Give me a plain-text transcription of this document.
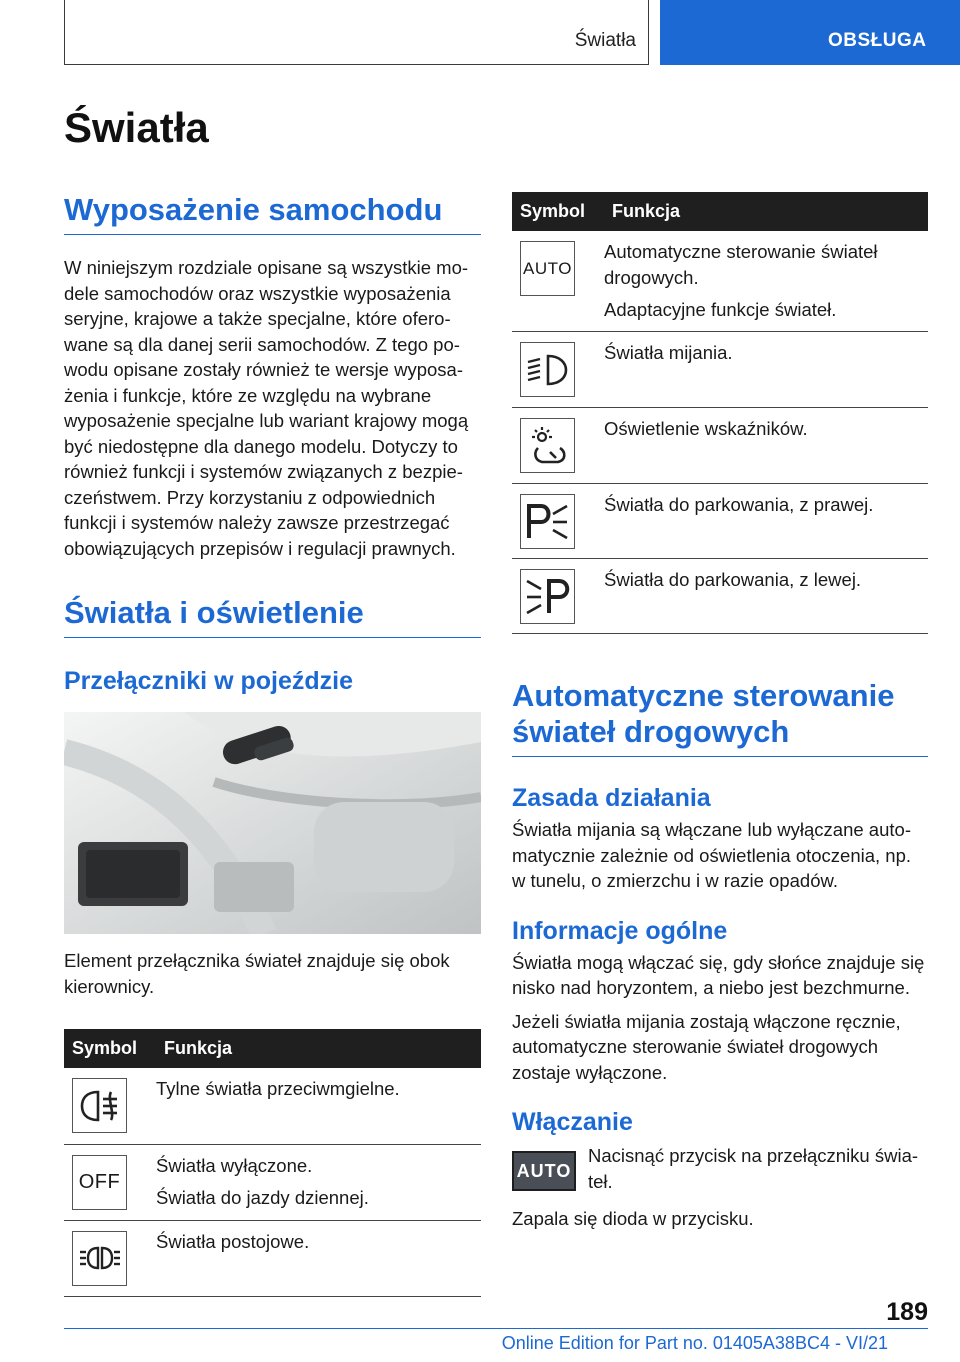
Światła	OBSŁUGA
Światła
Wyposażenie samochodu

W niniejszym rozdziale opisane są wszystkie modele samochodów oraz wszystkie wyposażenia seryjne, krajowe a także specjalne, które oferowane są dla danej serii samochodów. Z tego powodu opisane zostały również te wersje wyposażenia i funkcje, które ze względu na wybrane wyposażenie specjalne lub wariant krajowy mogą być niedostępne dla danego modelu. Dotyczy to również funkcji i systemów związanych z bezpieczeństwem. Przy korzystaniu z odpowiednich funkcji i systemów należy zawsze przestrzegać obowiązujących przepisów i regulacji prawnych.

Światła i oświetlenie
Przełączniki w pojeździe

Element przełącznika świateł znajduje się obok kierownicy.

Symbol	Funkcja

Tylne światła przeciwmgielne.

OFF	Światła wyłączone.

Światła do jazdy dziennej.

Światła postojowe.

Symbol	Funkcja

AUTO	Automatyczne sterowanie świateł drogowych.

Adaptacyjne funkcje świateł.

Światła mijania.

Oświetlenie wskaźników.

Światła do parkowania, z prawej.

Światła do parkowania, z lewej.

Automatyczne sterowanie świateł drogowych
Zasada działania

Światła mijania są włączane lub wyłączane automatycznie zależnie od oświetlenia otoczenia, np. w tunelu, o zmierzchu i w razie opadów.

Informacje ogólne

Światła mogą włączać się, gdy słońce znajduje się nisko nad horyzontem, a niebo jest bezchmurne.

Jeżeli światła mijania zostają włączone ręcznie, automatyczne sterowanie świateł drogowych zostaje wyłączone.

Włączanie
AUTO

Nacisnąć przycisk na przełączniku świateł.

Zapala się dioda w przycisku.

189
Online Edition for Part no. 01405A38BC4 - VI/21
